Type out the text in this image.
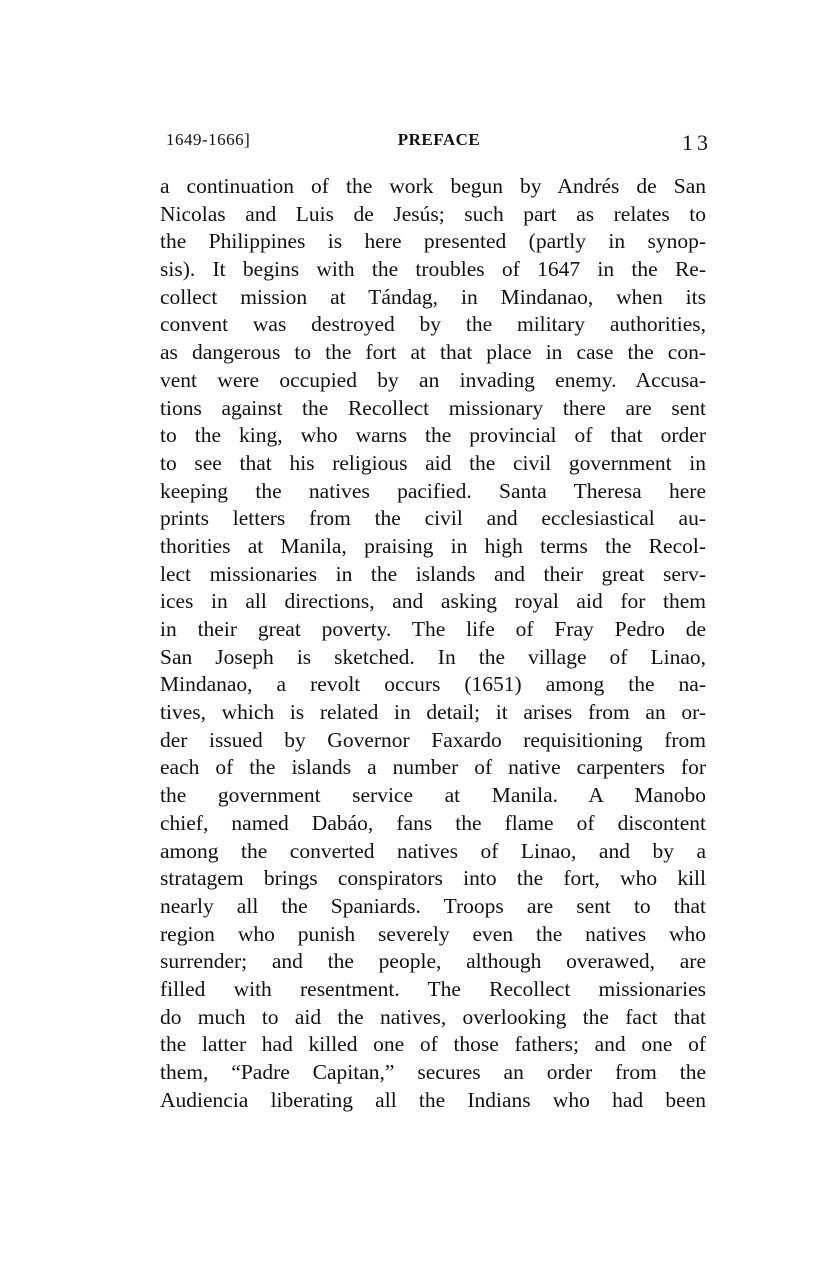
1649-1666]	PREFACE	13
a continuation of the work begun by Andrés de San
Nicolas and Luis de Jesús; such part as relates to
the Philippines is here presented (partly in synop-
sis). It begins with the troubles of 1647 in the Re-
collect mission at Tándag, in Mindanao, when its
convent was destroyed by the military authorities,
as dangerous to the fort at that place in case the con-
vent were occupied by an invading enemy. Accusa-
tions against the Recollect missionary there are sent
to the king, who warns the provincial of that order
to see that his religious aid the civil government in
keeping the natives pacified. Santa Theresa here
prints letters from the civil and ecclesiastical au-
thorities at Manila, praising in high terms the Recol-
lect missionaries in the islands and their great serv-
ices in all directions, and asking royal aid for them
in their great poverty. The life of Fray Pedro de
San Joseph is sketched. In the village of Linao,
Mindanao, a revolt occurs (1651) among the na-
tives, which is related in detail; it arises from an or-
der issued by Governor Faxardo requisitioning from
each of the islands a number of native carpenters for
the government service at Manila. A Manobo
chief, named Dabáo, fans the flame of discontent
among the converted natives of Linao, and by a
stratagem brings conspirators into the fort, who kill
nearly all the Spaniards. Troops are sent to that
region who punish severely even the natives who
surrender; and the people, although overawed, are
filled with resentment. The Recollect missionaries
do much to aid the natives, overlooking the fact that
the latter had killed one of those fathers; and one of
them, “Padre Capitan,” secures an order from the
Audiencia liberating all the Indians who had been
